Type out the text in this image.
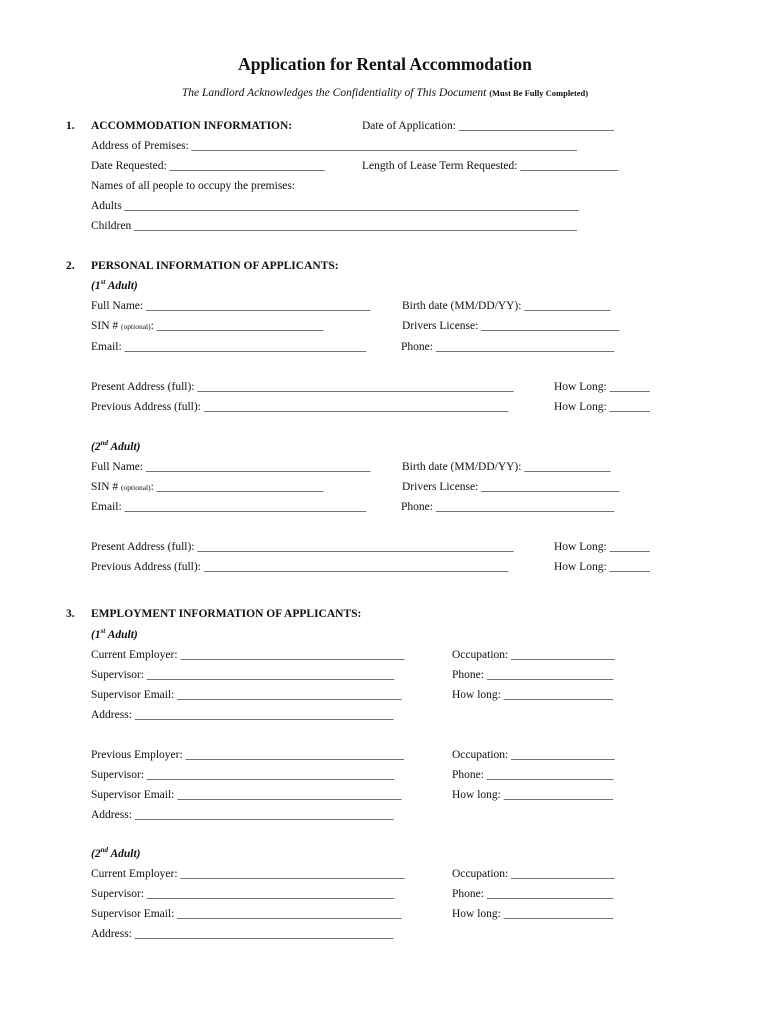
Application for Rental Accommodation
The Landlord Acknowledges the Confidentiality of This Document (Must Be Fully Completed)
1. ACCOMMODATION INFORMATION:	Date of Application: ___________________________
Address of Premises: ___________________________________________________________________
Date Requested: ___________________________	Length of Lease Term Requested: _________________
Names of all people to occupy the premises:
Adults _______________________________________________________________________________
Children _____________________________________________________________________________
2. PERSONAL INFORMATION OF APPLICANTS:
(1st Adult)
Full Name: _______________________________________	Birth date (MM/DD/YY): _______________
SIN # (optional): _____________________________	Drivers License: ________________________
Email: __________________________________________	Phone: _______________________________
Present Address (full): _______________________________________________________	How Long: _______
Previous Address (full): _____________________________________________________	How Long: _______
(2nd Adult)
Full Name: _______________________________________	Birth date (MM/DD/YY): _______________
SIN # (optional): _____________________________	Drivers License: ________________________
Email: __________________________________________	Phone: _______________________________
Present Address (full): _______________________________________________________	How Long: _______
Previous Address (full): _____________________________________________________	How Long: _______
3. EMPLOYMENT INFORMATION OF APPLICANTS:
(1st Adult)
Current Employer: _______________________________________	Occupation: __________________
Supervisor: ___________________________________________	Phone: ______________________
Supervisor Email: _______________________________________	How long: ___________________
Address: _____________________________________________
Previous Employer: ______________________________________	Occupation: __________________
Supervisor: ___________________________________________	Phone: ______________________
Supervisor Email: _______________________________________	How long: ___________________
Address: _____________________________________________
(2nd Adult)
Current Employer: _______________________________________	Occupation: __________________
Supervisor: ___________________________________________	Phone: ______________________
Supervisor Email: _______________________________________	How long: ___________________
Address: _____________________________________________
